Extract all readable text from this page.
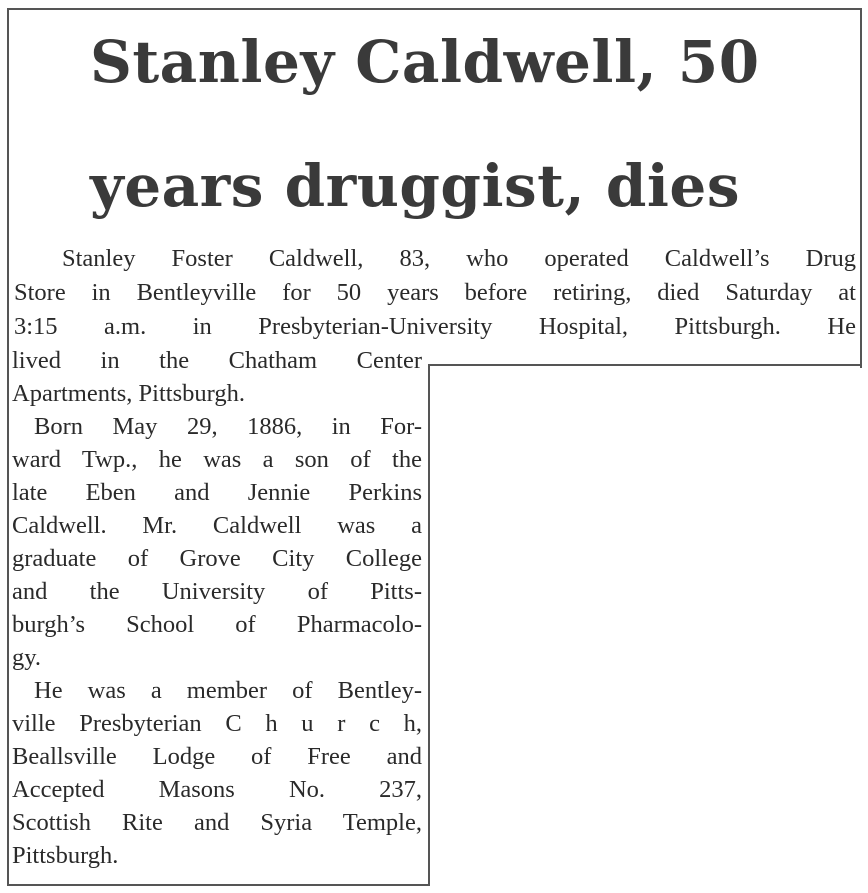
Stanley Caldwell, 50
years druggist, dies

Stanley Foster Caldwell, 83, who operated Caldwell’s Drug

Store in Bentleyville for 50 years before retiring, died Saturday at

3:15 a.m. in Presbyterian-University Hospital, Pittsburgh. He

lived in the Chatham Center
Apartments, Pittsburgh.
Born May 29, 1886, in For-
ward Twp., he was a son of the
late Eben and Jennie Perkins
Caldwell. Mr. Caldwell was a
graduate of Grove City College
and the University of Pitts-
burgh’s School of Pharmacolo-
gy.
He was a member of Bentley-
ville Presbyterian C h u r c h,
Beallsville Lodge of Free and
Accepted Masons No. 237,
Scottish Rite and Syria Temple,
Pittsburgh.
